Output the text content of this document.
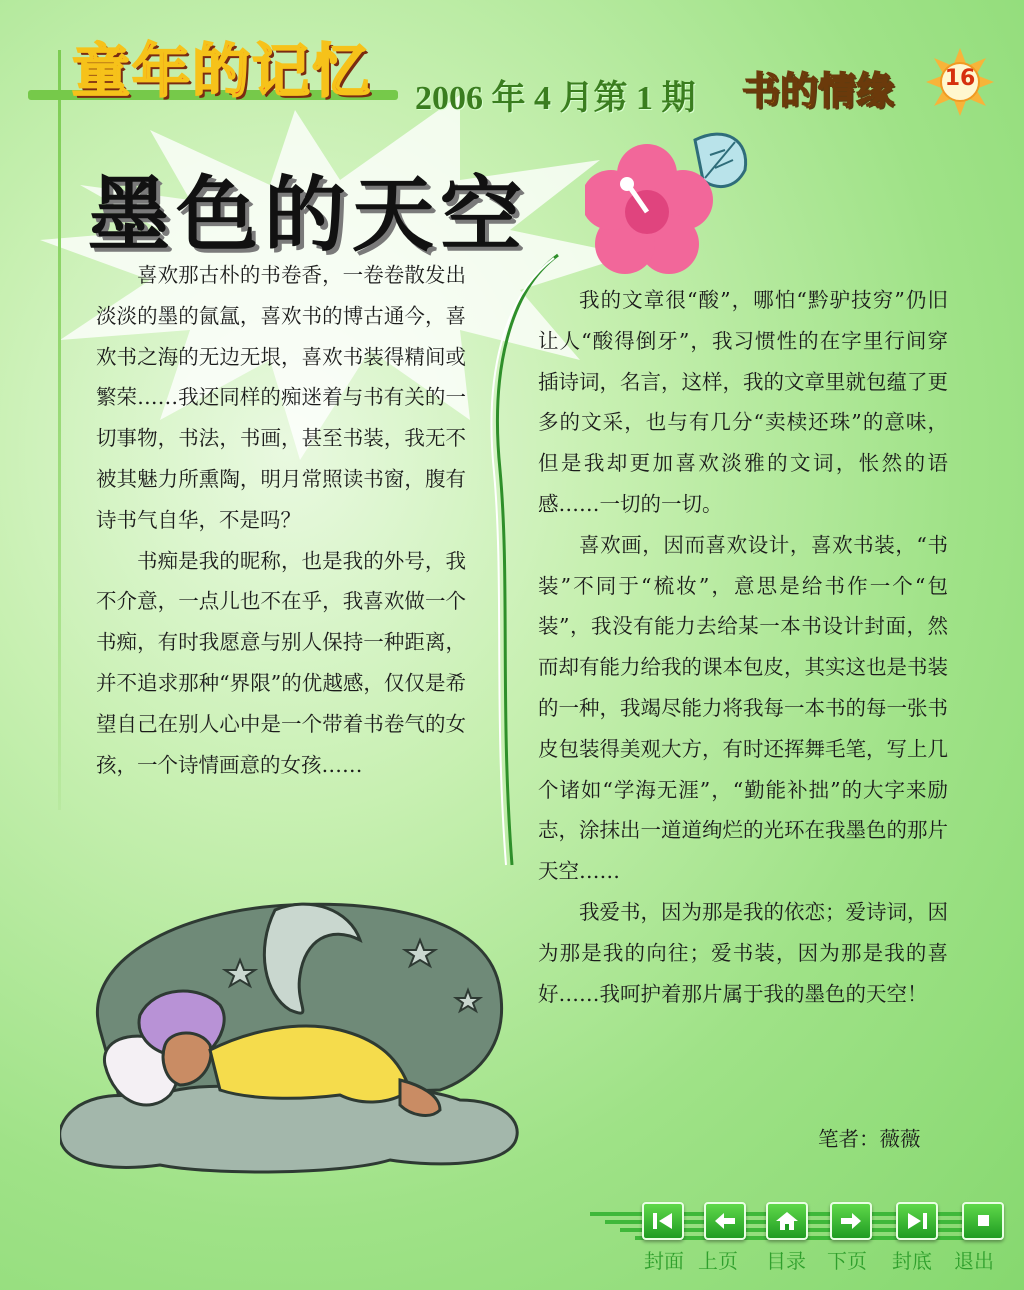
童年的记忆 2006 年 4 月第 1 期 书的情缘	16
墨色的天空

喜欢那古朴的书卷香，一卷卷散发出淡淡的墨的氤氲，喜欢书的博古通今，喜欢书之海的无边无垠，喜欢书装得精间或繁荣……我还同样的痴迷着与书有关的一切事物，书法，书画，甚至书装，我无不被其魅力所熏陶，明月常照读书窗，腹有诗书气自华，不是吗？

书痴是我的昵称，也是我的外号，我不介意，一点儿也不在乎，我喜欢做一个书痴，有时我愿意与别人保持一种距离，并不追求那种“界限”的优越感，仅仅是希望自己在别人心中是一个带着书卷气的女孩，一个诗情画意的女孩……

我的文章很“酸”，哪怕“黔驴技穷”仍旧让人“酸得倒牙”，我习惯性的在字里行间穿插诗词，名言，这样，我的文章里就包蕴了更多的文采，也与有几分“卖椟还珠”的意味，但是我却更加喜欢淡雅的文词，怅然的语感……一切的一切。

喜欢画，因而喜欢设计，喜欢书装，“书装”不同于“梳妆”，意思是给书作一个“包装”，我没有能力去给某一本书设计封面，然而却有能力给我的课本包皮，其实这也是书装的一种，我竭尽能力将我每一本书的每一张书皮包装得美观大方，有时还挥舞毛笔，写上几个诸如“学海无涯”，“勤能补拙”的大字来励志，涂抹出一道道绚烂的光环在我墨色的那片天空……

我爱书，因为那是我的依恋；爱诗词，因为那是我的向往；爱书装，因为那是我的喜好……我呵护着那片属于我的墨色的天空！

笔者：薇薇
封面 上页 目录 下页 封底 退出
